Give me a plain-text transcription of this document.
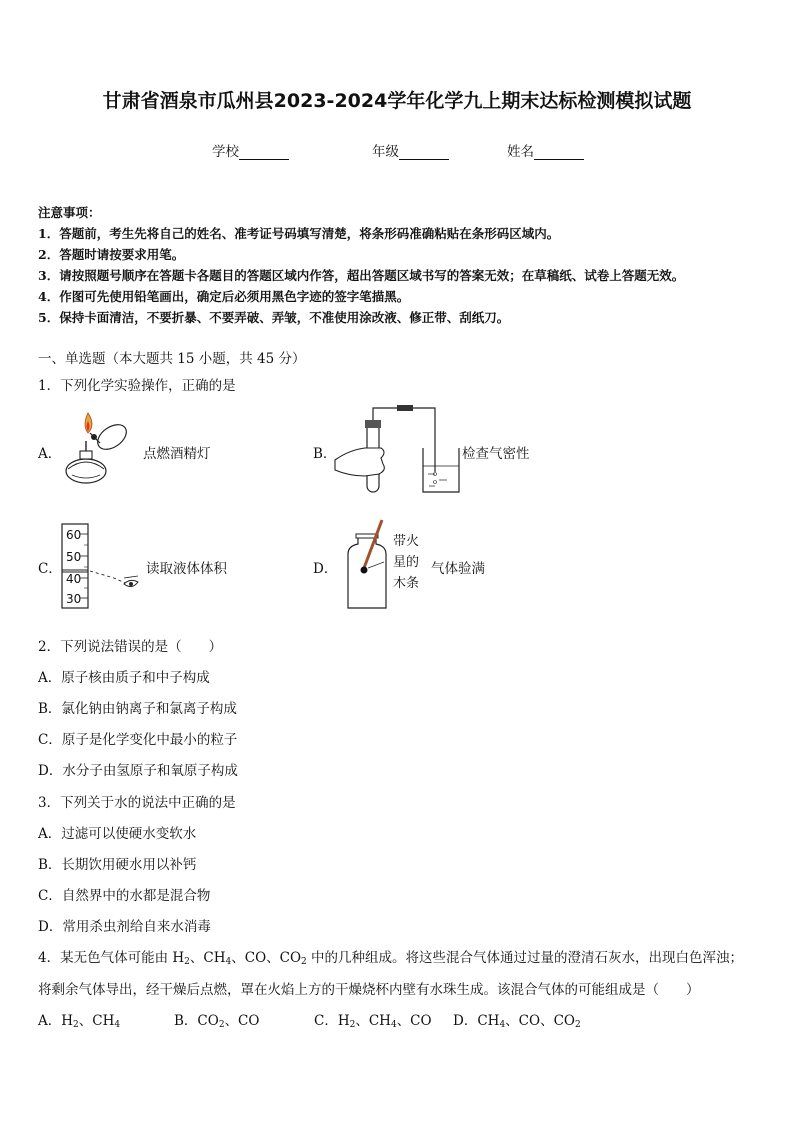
甘肃省酒泉市瓜州县2023-2024学年化学九上期末达标检测模拟试题
学校	年级	姓名
注意事项：
1．答题前，考生先将自己的姓名、准考证号码填写清楚，将条形码准确粘贴在条形码区域内。
2．答题时请按要求用笔。
3．请按照题号顺序在答题卡各题目的答题区域内作答，超出答题区域书写的答案无效；在草稿纸、试卷上答题无效。
4．作图可先使用铅笔画出，确定后必须用黑色字迹的签字笔描黑。
5．保持卡面清洁，不要折暴、不要弄破、弄皱，不准使用涂改液、修正带、刮纸刀。
一、单选题（本大题共 15 小题，共 45 分）
1．下列化学实验操作，正确的是
A．	点燃酒精灯	B．	检查气密性
C．
60
50
40
30
读取液体体积	D．
带火
星的
木条
气体验满
2．下列说法错误的是（　　）
A．原子核由质子和中子构成
B．氯化钠由钠离子和氯离子构成
C．原子是化学变化中最小的粒子
D．水分子由氢原子和氧原子构成
3．下列关于水的说法中正确的是
A．过滤可以使硬水变软水
B．长期饮用硬水用以补钙
C．自然界中的水都是混合物
D．常用杀虫剂给自来水消毒
4．某无色气体可能由 $H_2$、$CH_4$、CO、$CO_2$ 中的几种组成。将这些混合气体通过过量的澄清石灰水，出现白色浑浊；
将剩余气体导出，经干燥后点燃，罩在火焰上方的干燥烧杯内壁有水珠生成。该混合气体的可能组成是（　　）
A．$H_2$、$CH_4$	B．$CO_2$、CO	C．$H_2$、$CH_4$、CO D．$CH_4$、CO、$CO_2$
